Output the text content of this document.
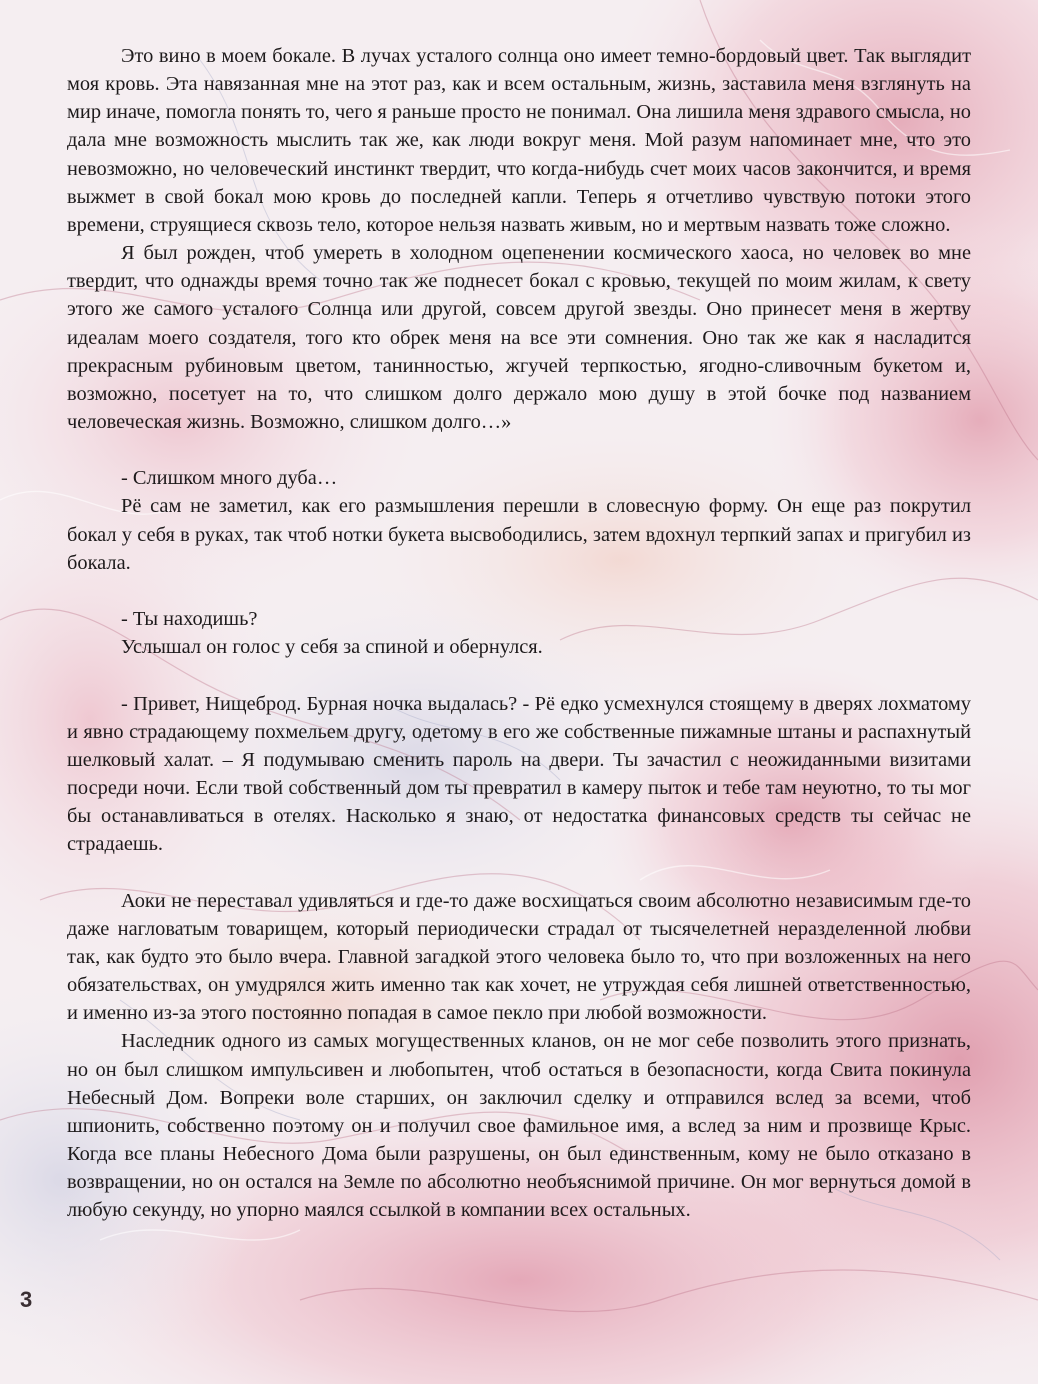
Это вино в моем бокале. В лучах усталого солнца оно имеет темно-бордовый цвет. Так выглядит моя кровь. Эта навязанная мне на этот раз, как и всем остальным, жизнь, заставила меня взглянуть на мир иначе, помогла понять то, чего я раньше просто не понимал. Она лишила меня здравого смысла, но дала мне возможность мыслить так же, как люди вокруг меня. Мой разум напоминает мне, что это невозможно, но человеческий инстинкт твердит, что когда-нибудь счет моих часов закончится, и время выжмет в свой бокал мою кровь до последней капли. Теперь я отчетливо чувствую потоки этого времени, струящиеся сквозь тело, которое нельзя назвать живым, но и мертвым назвать тоже сложно.

Я был рожден, чтоб умереть в холодном оцепенении космического хаоса, но человек во мне твердит, что однажды время точно так же поднесет бокал с кровью, текущей по моим жилам, к свету этого же самого усталого Солнца или другой, совсем другой звезды. Оно принесет меня в жертву идеалам моего создателя, того кто обрек меня на все эти сомнения. Оно так же как я насладится прекрасным рубиновым цветом, танинностью, жгучей терпкостью, ягодно-сливочным букетом и, возможно, посетует на то, что слишком долго держало мою душу в этой бочке под названием человеческая жизнь. Возможно, слишком долго…»

- Слишком много дуба…

Рё сам не заметил, как его размышления перешли в словесную форму. Он еще раз покрутил бокал у себя в руках, так чтоб нотки букета высвободились, затем вдохнул терпкий запах и пригубил из бокала.

- Ты находишь?

Услышал он голос у себя за спиной и обернулся.

- Привет, Нищеброд. Бурная ночка выдалась? - Рё едко усмехнулся стоящему в дверях лохматому и явно страдающему похмельем другу, одетому в его же собственные пижамные штаны и распахнутый шелковый халат. – Я подумываю сменить пароль на двери. Ты зачастил с неожиданными визитами посреди ночи. Если твой собственный дом ты превратил в камеру пыток и тебе там неуютно, то ты мог бы останавливаться в отелях. Насколько я знаю, от недостатка финансовых средств ты сейчас не страдаешь.

Аоки не переставал удивляться и где-то даже восхищаться своим абсолютно независимым где-то даже нагловатым товарищем, который периодически страдал от тысячелетней неразделенной любви так, как будто это было вчера. Главной загадкой этого человека было то, что при возложенных на него обязательствах, он умудрялся жить именно так как хочет, не утруждая себя лишней ответственностью, и именно из-за этого постоянно попадая в самое пекло при любой возможности.

Наследник одного из самых могущественных кланов, он не мог себе позволить этого признать, но он был слишком импульсивен и любопытен, чтоб остаться в безопасности, когда Свита покинула Небесный Дом. Вопреки воле старших, он заключил сделку и отправился вслед за всеми, чтоб шпионить, собственно поэтому он и получил свое фамильное имя, а вслед за ним и прозвище Крыс. Когда все планы Небесного Дома были разрушены, он был единственным, кому не было отказано в возвращении, но он остался на Земле по абсолютно необъяснимой причине. Он мог вернуться домой в любую секунду, но упорно маялся ссылкой в компании всех остальных.

3
